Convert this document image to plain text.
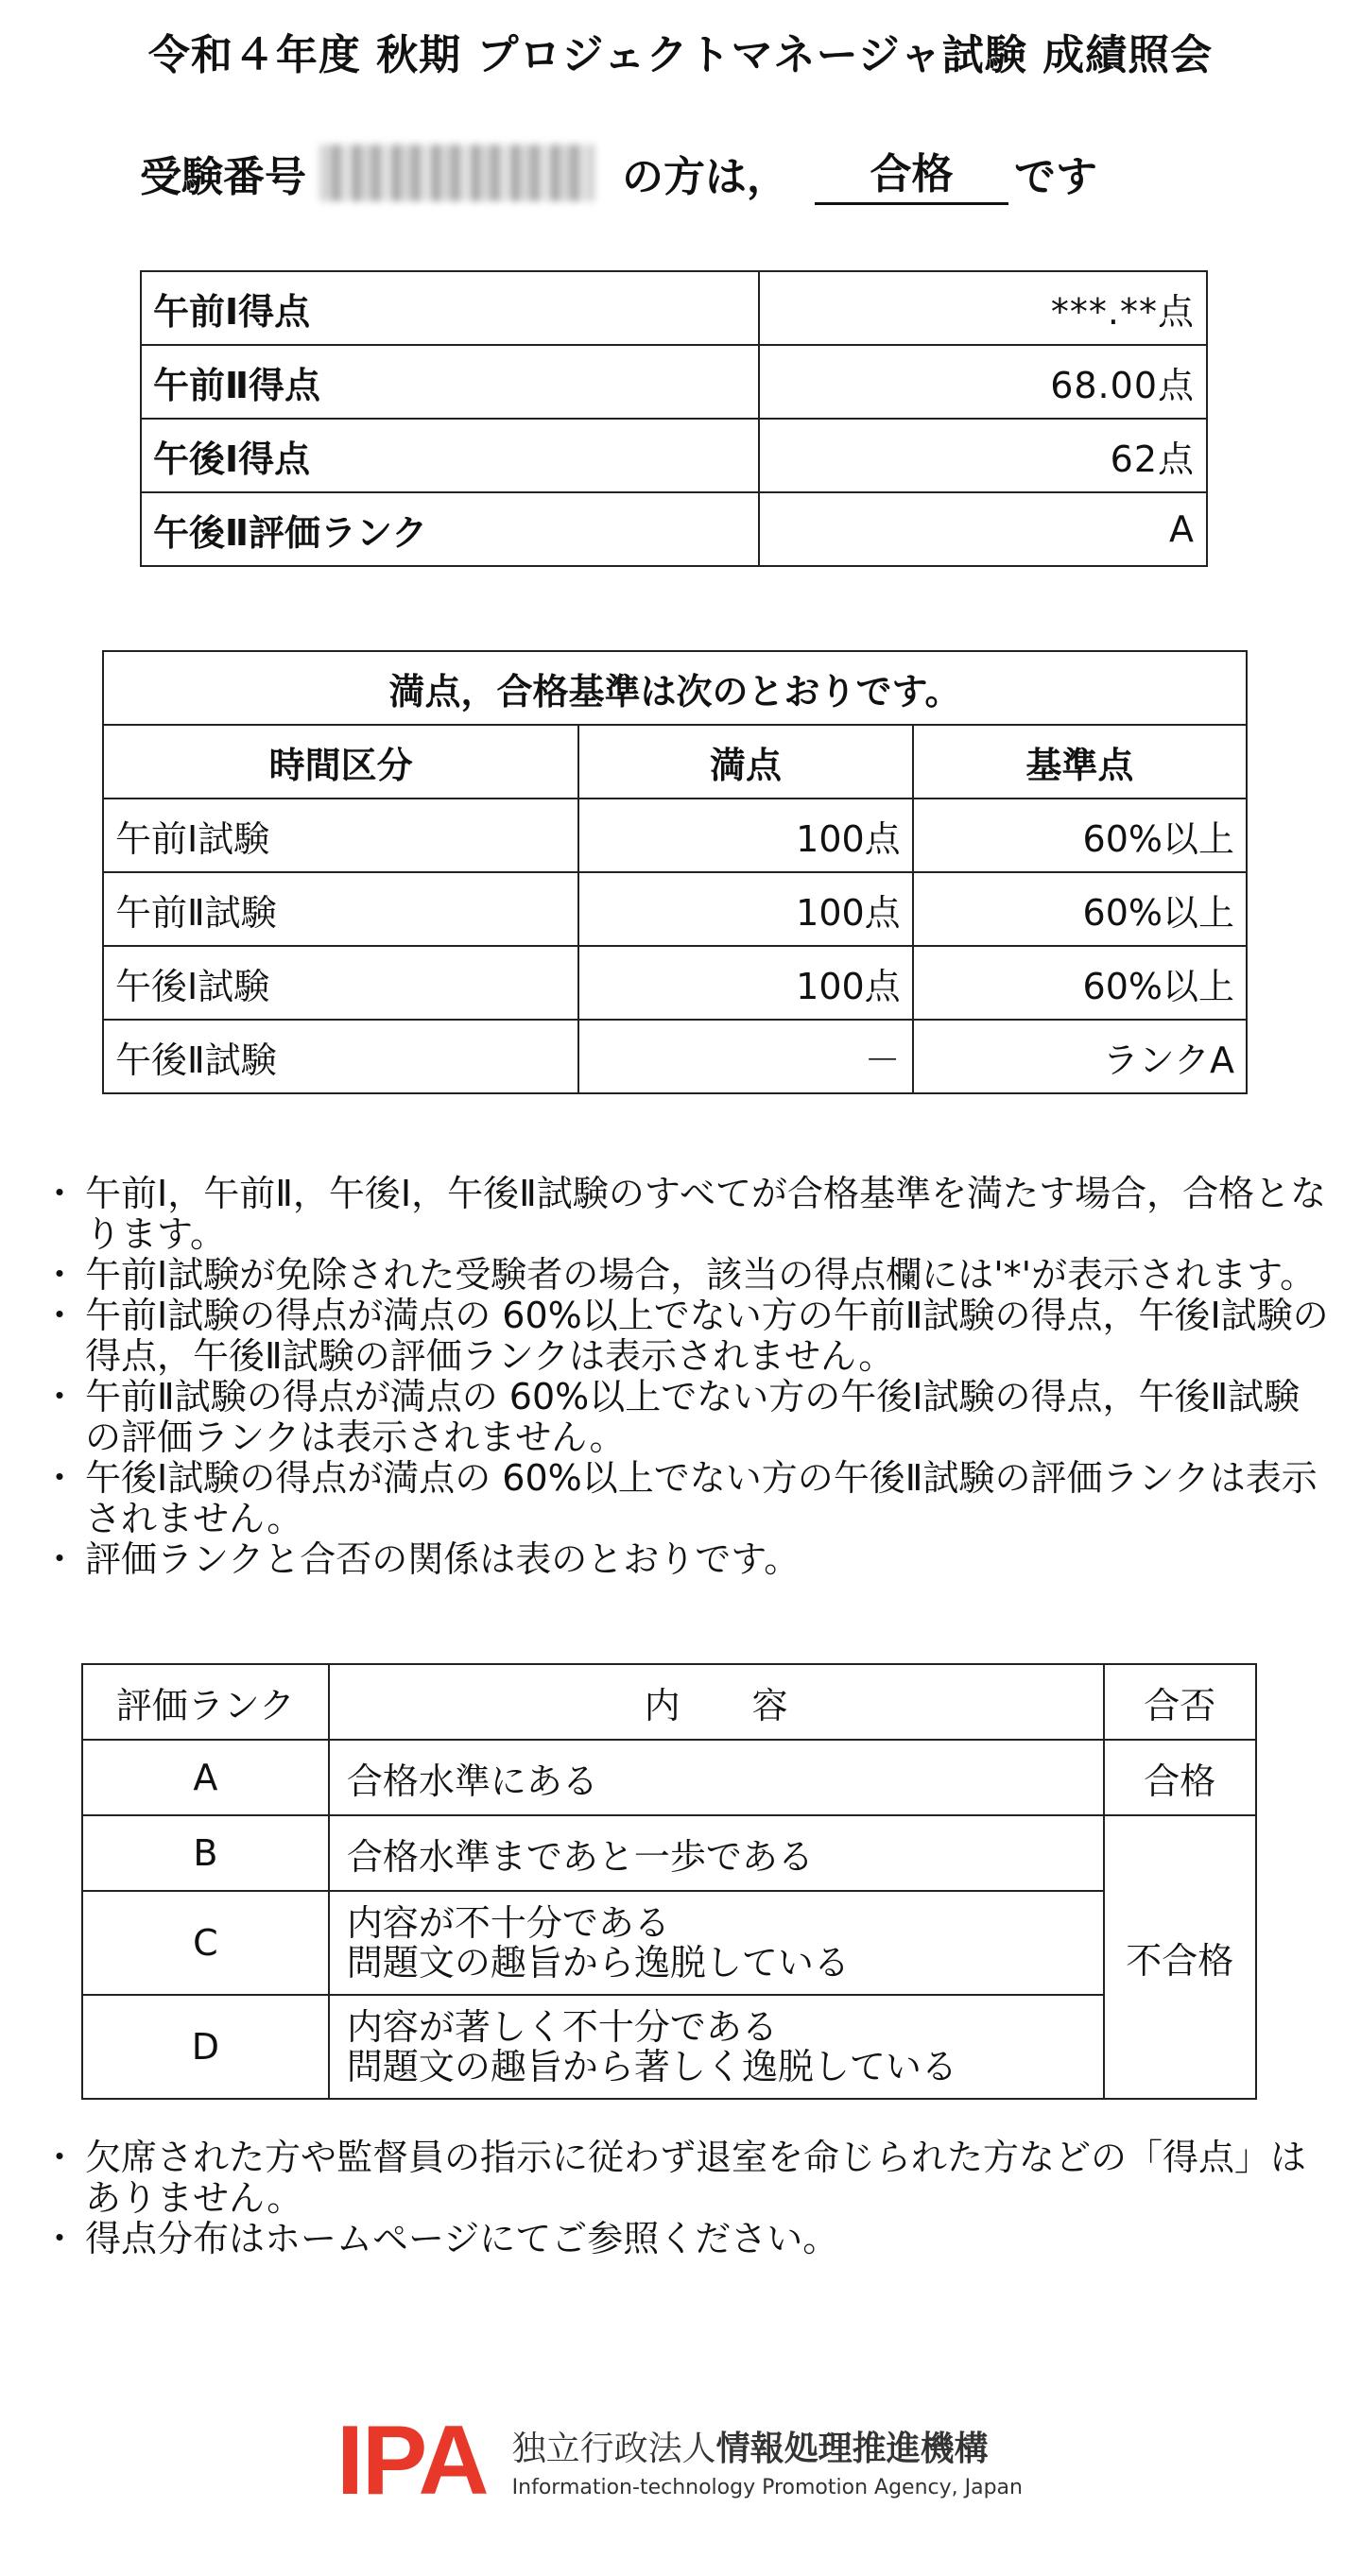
令和４年度 秋期 プロジェクトマネージャ試験 成績照会
受験番号	の方は，	合格	です
午前Ⅰ得点	***.**点
午前Ⅱ得点	68.00点
午後Ⅰ得点	62点
午後Ⅱ評価ランク	A
満点，合格基準は次のとおりです。		
時間区分	満点	基準点
午前Ⅰ試験	100点	60%以上
午前Ⅱ試験	100点	60%以上
午後Ⅰ試験	100点	60%以上
午後Ⅱ試験	－	ランクA
・ 午前Ⅰ，午前Ⅱ，午後Ⅰ，午後Ⅱ試験のすべてが合格基準を満たす場合，合格となります。
・ 午前Ⅰ試験が免除された受験者の場合，該当の得点欄には'*'が表示されます。
・ 午前Ⅰ試験の得点が満点の 60%以上でない方の午前Ⅱ試験の得点，午後Ⅰ試験の得点，午後Ⅱ試験の評価ランクは表示されません。
・ 午前Ⅱ試験の得点が満点の 60%以上でない方の午後Ⅰ試験の得点，午後Ⅱ試験の評価ランクは表示されません。
・ 午後Ⅰ試験の得点が満点の 60%以上でない方の午後Ⅱ試験の評価ランクは表示されません。
・ 評価ランクと合否の関係は表のとおりです。
評価ランク	内　　容	合否
A	合格水準にある	合格
B	合格水準まであと一歩である	不合格
C	内容が不十分である
問題文の趣旨から逸脱している	

D	内容が著しく不十分である
問題文の趣旨から著しく逸脱している	
・ 欠席された方や監督員の指示に従わず退室を命じられた方などの「得点」はありません。
・ 得点分布はホームページにてご参照ください。
IPA 独立行政法人情報処理推進機構
Information-technology Promotion Agency, Japan
